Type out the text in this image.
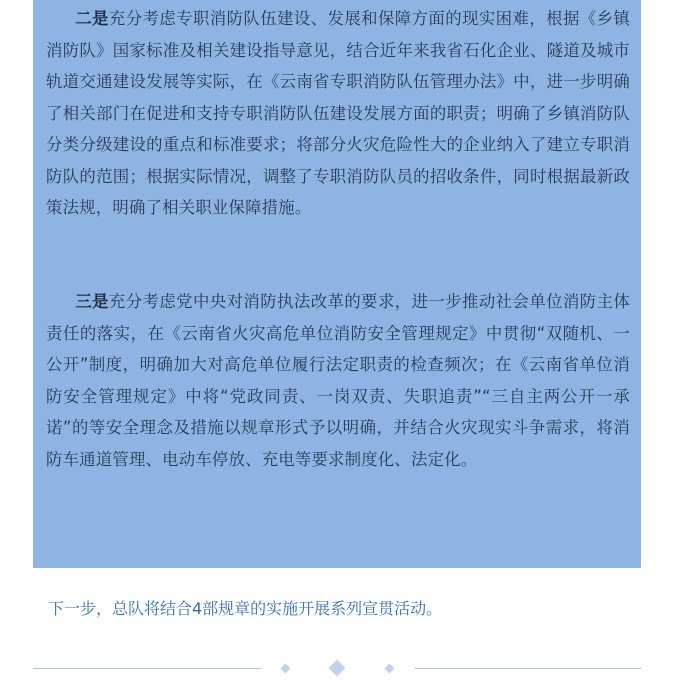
二是充分考虑专职消防队伍建设、发展和保障方面的现实困难，根据《乡镇消防队》国家标准及相关建设指导意见，结合近年来我省石化企业、隧道及城市轨道交通建设发展等实际，在《云南省专职消防队伍管理办法》中，进一步明确了相关部门在促进和支持专职消防队伍建设发展方面的职责；明确了乡镇消防队分类分级建设的重点和标准要求；将部分火灾危险性大的企业纳入了建立专职消防队的范围；根据实际情况，调整了专职消防队员的招收条件，同时根据最新政策法规，明确了相关职业保障措施。
三是充分考虑党中央对消防执法改革的要求，进一步推动社会单位消防主体责任的落实，在《云南省火灾高危单位消防安全管理规定》中贯彻“双随机、一公开”制度，明确加大对高危单位履行法定职责的检查频次；在《云南省单位消防安全管理规定》中将“党政同责、一岗双责、失职追责”“三自主两公开一承诺”的等安全理念及措施以规章形式予以明确，并结合火灾现实斗争需求，将消防车通道管理、电动车停放、充电等要求制度化、法定化。
下一步，总队将结合4部规章的实施开展系列宣贯活动。
